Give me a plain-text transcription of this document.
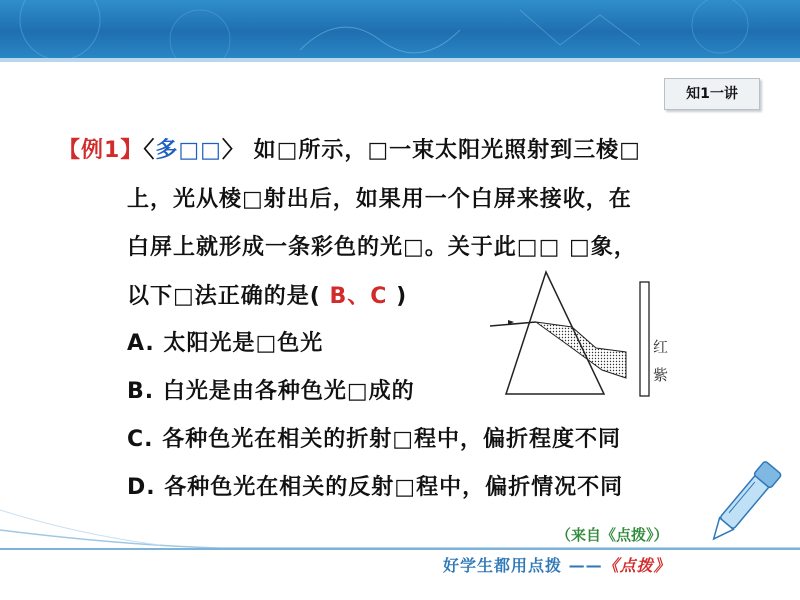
知1一讲
【例1】〈多□□〉 如□所示，□一束太阳光照射到三棱□
上，光从棱□射出后，如果用一个白屏来接收，在
白屏上就形成一条彩色的光□。关于此□□ □象，
以下□法正确的是( B、C )
A. 太阳光是□色光
B. 白光是由各种色光□成的
C. 各种色光在相关的折射□程中，偏折程度不同
D. 各种色光在相关的反射□程中，偏折情况不同
红
紫
（来自《点拨》）
好学生都用点拨 ——《点拨》
